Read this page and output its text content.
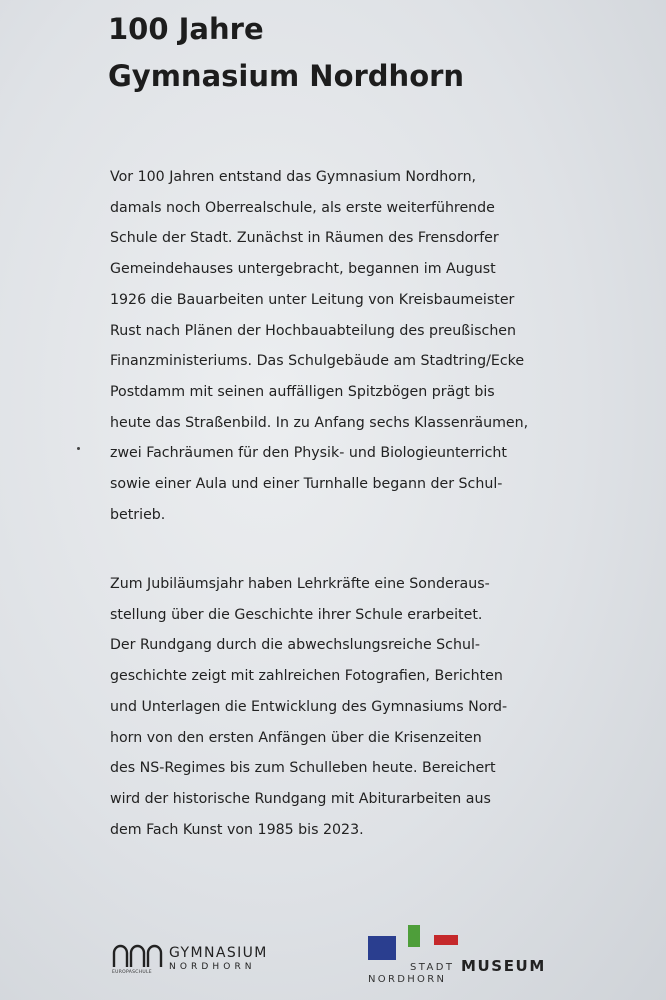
100 Jahre
Gymnasium Nordhorn
Vor 100 Jahren entstand das Gymnasium Nordhorn,
damals noch Oberrealschule, als erste weiterführende
Schule der Stadt. Zunächst in Räumen des Frensdorfer
Gemeindehauses untergebracht, begannen im August
1926 die Bauarbeiten unter Leitung von Kreisbaumeister
Rust nach Plänen der Hochbauabteilung des preußischen
Finanzministeriums. Das Schulgebäude am Stadtring/Ecke
Postdamm mit seinen auffälligen Spitzbögen prägt bis
heute das Straßenbild. In zu Anfang sechs Klassenräumen,
zwei Fachräumen für den Physik- und Biologieunterricht
sowie einer Aula und einer Turnhalle begann der Schul-
betrieb.
Zum Jubiläumsjahr haben Lehrkräfte eine Sonderaus-
stellung über die Geschichte ihrer Schule erarbeitet.
Der Rundgang durch die abwechslungsreiche Schul-
geschichte zeigt mit zahlreichen Fotografien, Berichten
und Unterlagen die Entwicklung des Gymnasiums Nord-
horn von den ersten Anfängen über die Krisenzeiten
des NS-Regimes bis zum Schulleben heute. Bereichert
wird der historische Rundgang mit Abiturarbeiten aus
dem Fach Kunst von 1985 bis 2023.
EUROPASCHULE
GYMNASIUM
NORDHORN	STADT MUSEUM
NORDHORN
